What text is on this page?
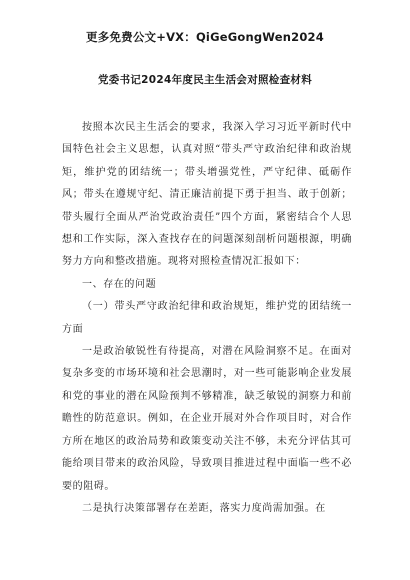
更多免费公文+VX：QiGeGongWen2024
党委书记2024年度民主生活会对照检查材料

按照本次民主生活会的要求，我深入学习习近平新时代中国特色社会主义思想，认真对照“带头严守政治纪律和政治规矩，维护党的团结统一；带头增强党性，严守纪律、砥砺作风；带头在遵规守纪、清正廉洁前提下勇于担当、敢于创新；带头履行全面从严治党政治责任”四个方面，紧密结合个人思想和工作实际，深入查找存在的问题深刻剖析问题根源，明确努力方向和整改措施。现将对照检查情况汇报如下：

一、存在的问题

（一）带头严守政治纪律和政治规矩，维护党的团结统一方面

一是政治敏锐性有待提高，对潜在风险洞察不足。在面对复杂多变的市场环境和社会思潮时，对一些可能影响企业发展和党的事业的潜在风险预判不够精准，缺乏敏锐的洞察力和前瞻性的防范意识。例如，在企业开展对外合作项目时，对合作方所在地区的政治局势和政策变动关注不够，未充分评估其可能给项目带来的政治风险，导致项目推进过程中面临一些不必要的阻碍。

二是执行决策部署存在差距，落实力度尚需加强。在
